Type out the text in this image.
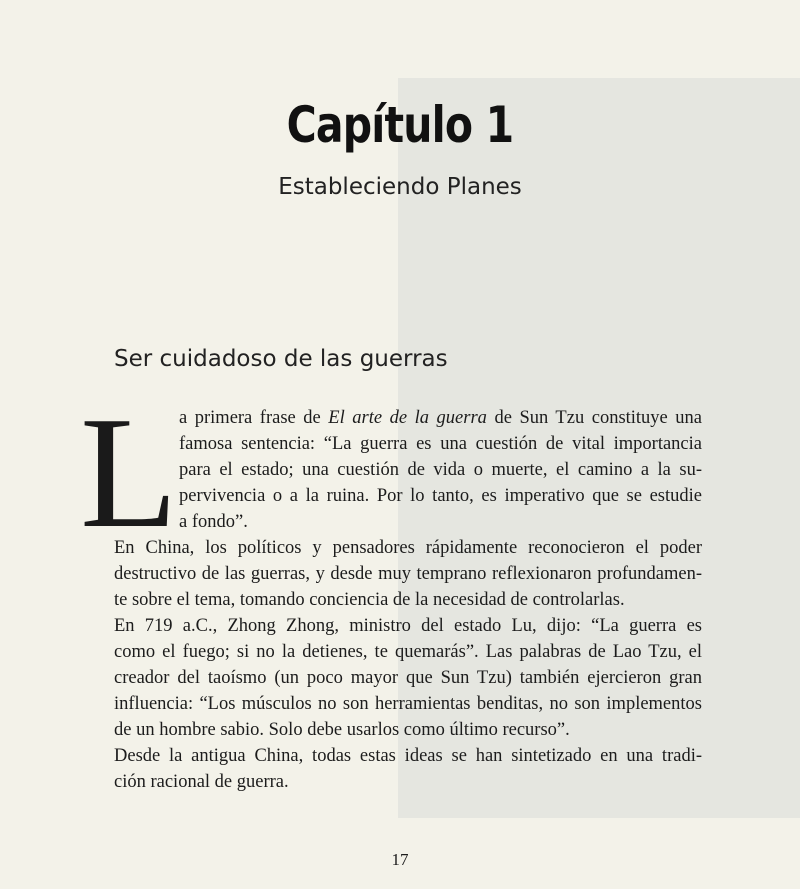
Capítulo 1
Estableciendo Planes
Ser cuidadoso de las guerras
L a primera frase de El arte de la guerra de Sun Tzu constituye una
famosa sentencia: “La guerra es una cuestión de vital importancia
para el estado; una cuestión de vida o muerte, el camino a la su-
pervivencia o a la ruina. Por lo tanto, es imperativo que se estudie
a fondo”.
En China, los políticos y pensadores rápidamente reconocieron el poder
destructivo de las guerras, y desde muy temprano reflexionaron profundamen-
te sobre el tema, tomando conciencia de la necesidad de controlarlas.
En 719 a.C., Zhong Zhong, ministro del estado Lu, dijo: “La guerra es
como el fuego; si no la detienes, te quemarás”. Las palabras de Lao Tzu, el
creador del taoísmo (un poco mayor que Sun Tzu) también ejercieron gran
influencia: “Los músculos no son herramientas benditas, no son implementos
de un hombre sabio. Solo debe usarlos como último recurso”.
Desde la antigua China, todas estas ideas se han sintetizado en una tradi-
ción racional de guerra.
17
